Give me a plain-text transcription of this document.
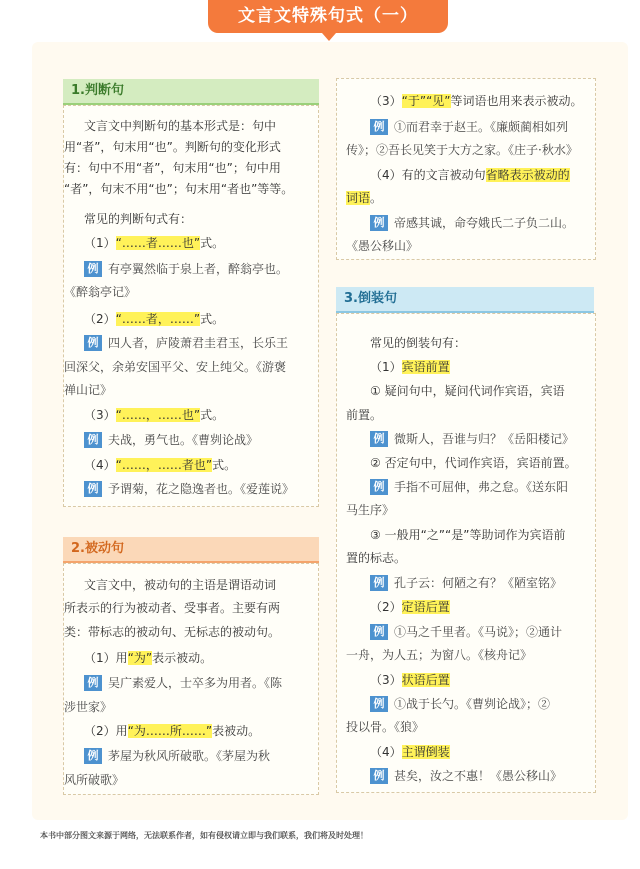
文言文特殊句式（一）
1.判断句
文言文中判断句的基本形式是：句中
用“者”，句末用“也”。判断句的变化形式
有：句中不用“者”，句末用“也”；句中用
“者”，句末不用“也”；句末用“者也”等等。
常见的判断句式有：
（1）“……者……也”式。
例 有亭翼然临于泉上者，醉翁亭也。
《醉翁亭记》
（2）“……者，……”式。
例 四人者，庐陵萧君圭君玉，长乐王
回深父，余弟安国平父、安上纯父。《游褒
禅山记》
（3）“……，……也”式。
例 夫战，勇气也。《曹刿论战》
（4）“……，……者也”式。
例 予谓菊，花之隐逸者也。《爱莲说》
2.被动句
文言文中，被动句的主语是谓语动词
所表示的行为被动者、受事者。主要有两
类：带标志的被动句、无标志的被动句。
（1）用“为”表示被动。
例 吴广素爱人，士卒多为用者。《陈
涉世家》
（2）用“为……所……”表被动。
例 茅屋为秋风所破歌。《茅屋为秋
风所破歌》
（3）“于”“见”等词语也用来表示被动。
例 ①而君幸于赵王。《廉颇蔺相如列
传》；②吾长见笑于大方之家。《庄子·秋水》
（4）有的文言被动句省略表示被动的
词语。
例 帝感其诚，命夸娥氏二子负二山。
《愚公移山》
3.倒装句
常见的倒装句有：
（1）宾语前置
① 疑问句中，疑问代词作宾语，宾语
前置。
例 微斯人，吾谁与归？《岳阳楼记》
② 否定句中，代词作宾语，宾语前置。
例 手指不可屈伸，弗之怠。《送东阳
马生序》
③ 一般用“之”“是”等助词作为宾语前
置的标志。
例 孔子云：何陋之有？《陋室铭》
（2）定语后置
例 ①马之千里者。《马说》；②通计
一舟，为人五；为窗八。《核舟记》
（3）状语后置
例 ①战于长勺。《曹刿论战》；②
投以骨。《狼》
（4）主谓倒装
例 甚矣，汝之不惠！《愚公移山》
本书中部分图文来源于网络，无法联系作者，如有侵权请立即与我们联系，我们将及时处理！
